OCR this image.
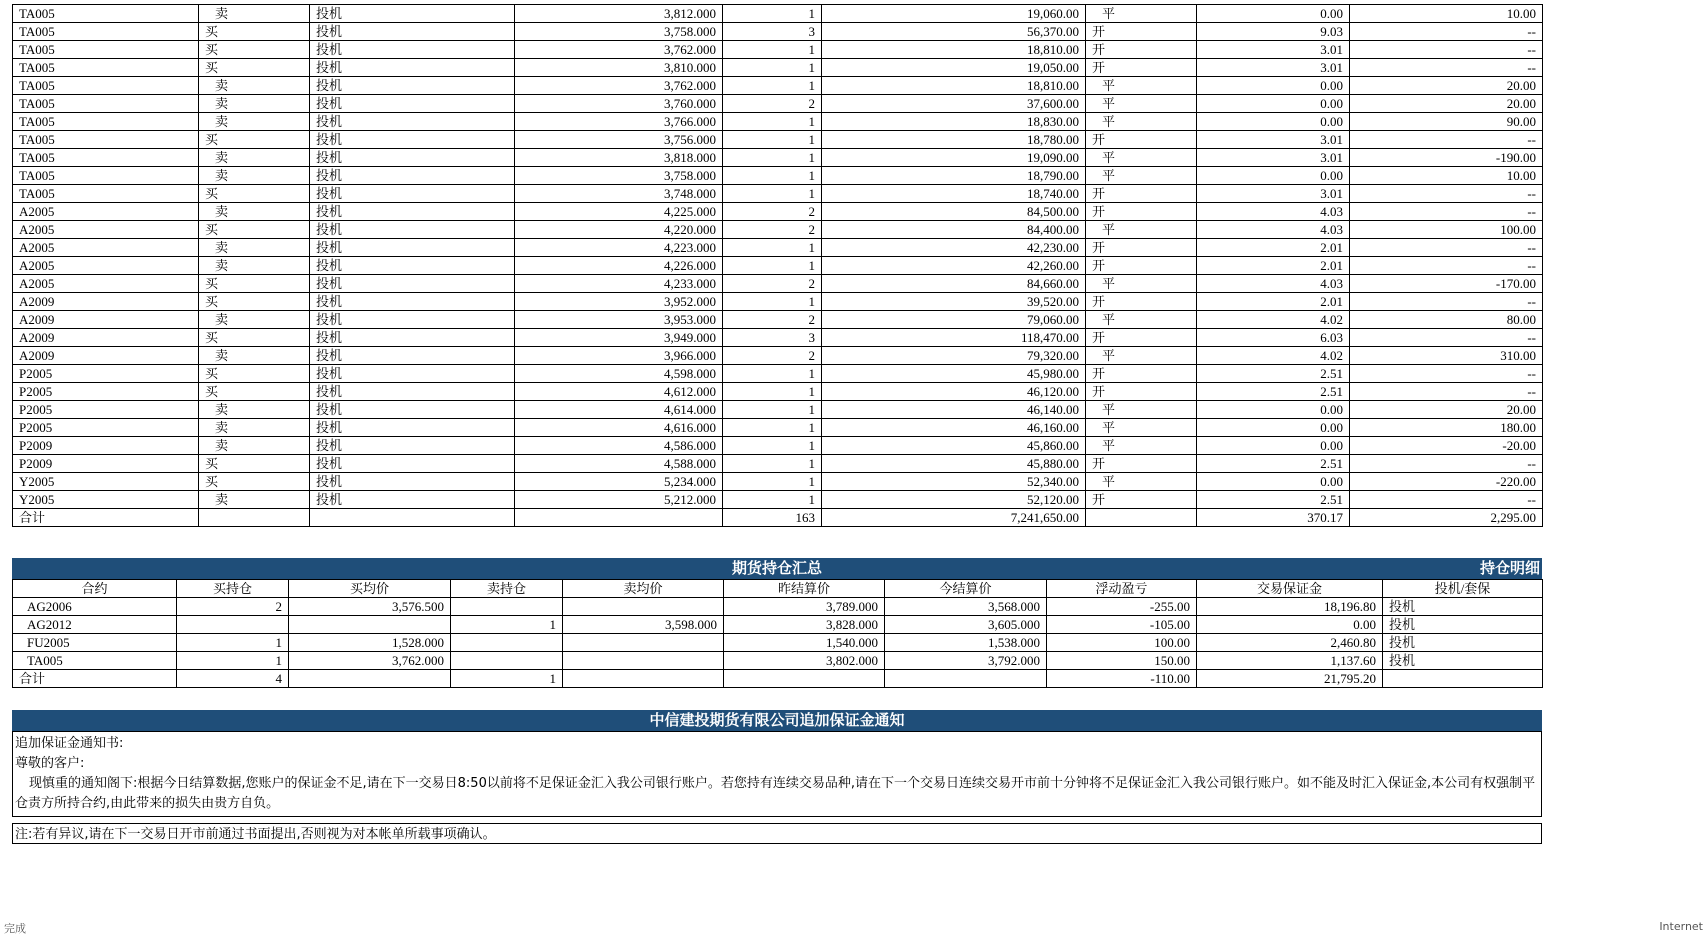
TA005	卖	投机	3,812.000	1	19,060.00	平	0.00	10.00
TA005	买	投机	3,758.000	3	56,370.00	开	9.03	--
TA005	买	投机	3,762.000	1	18,810.00	开	3.01	--
TA005	买	投机	3,810.000	1	19,050.00	开	3.01	--
TA005	卖	投机	3,762.000	1	18,810.00	平	0.00	20.00
TA005	卖	投机	3,760.000	2	37,600.00	平	0.00	20.00
TA005	卖	投机	3,766.000	1	18,830.00	平	0.00	90.00
TA005	买	投机	3,756.000	1	18,780.00	开	3.01	--
TA005	卖	投机	3,818.000	1	19,090.00	平	3.01	-190.00
TA005	卖	投机	3,758.000	1	18,790.00	平	0.00	10.00
TA005	买	投机	3,748.000	1	18,740.00	开	3.01	--
A2005	卖	投机	4,225.000	2	84,500.00	开	4.03	--
A2005	买	投机	4,220.000	2	84,400.00	平	4.03	100.00
A2005	卖	投机	4,223.000	1	42,230.00	开	2.01	--
A2005	卖	投机	4,226.000	1	42,260.00	开	2.01	--
A2005	买	投机	4,233.000	2	84,660.00	平	4.03	-170.00
A2009	买	投机	3,952.000	1	39,520.00	开	2.01	--
A2009	卖	投机	3,953.000	2	79,060.00	平	4.02	80.00
A2009	买	投机	3,949.000	3	118,470.00	开	6.03	--
A2009	卖	投机	3,966.000	2	79,320.00	平	4.02	310.00
P2005	买	投机	4,598.000	1	45,980.00	开	2.51	--
P2005	买	投机	4,612.000	1	46,120.00	开	2.51	--
P2005	卖	投机	4,614.000	1	46,140.00	平	0.00	20.00
P2005	卖	投机	4,616.000	1	46,160.00	平	0.00	180.00
P2009	卖	投机	4,586.000	1	45,860.00	平	0.00	-20.00
P2009	买	投机	4,588.000	1	45,880.00	开	2.51	--
Y2005	买	投机	5,234.000	1	52,340.00	平	0.00	-220.00
Y2005	卖	投机	5,212.000	1	52,120.00	开	2.51	--
合计				163	7,241,650.00		370.17	2,295.00
期货持仓汇总	持仓明细
合约	买持仓	买均价	卖持仓	卖均价	昨结算价	今结算价	浮动盈亏	交易保证金	投机/套保
AG2006	2	3,576.500			3,789.000	3,568.000	-255.00	18,196.80	投机
AG2012			1	3,598.000	3,828.000	3,605.000	-105.00	0.00	投机
FU2005	1	1,528.000			1,540.000	1,538.000	100.00	2,460.80	投机
TA005	1	3,762.000			3,802.000	3,792.000	150.00	1,137.60	投机
合计	4		1				-110.00	21,795.20	
中信建投期货有限公司追加保证金通知
追加保证金通知书:
尊敬的客户:
现慎重的通知阁下:根据今日结算数据,您账户的保证金不足,请在下一交易日8:50以前将不足保证金汇入我公司银行账户。若您持有连续交易品种,请在下一个交易日连续交易开市前十分钟将不足保证金汇入我公司银行账户。如不能及时汇入保证金,本公司有权强制平仓责方所持合约,由此带来的损失由贵方自负。
注:若有异议,请在下一交易日开市前通过书面提出,否则视为对本帐单所载事项确认。
完成	Internet
